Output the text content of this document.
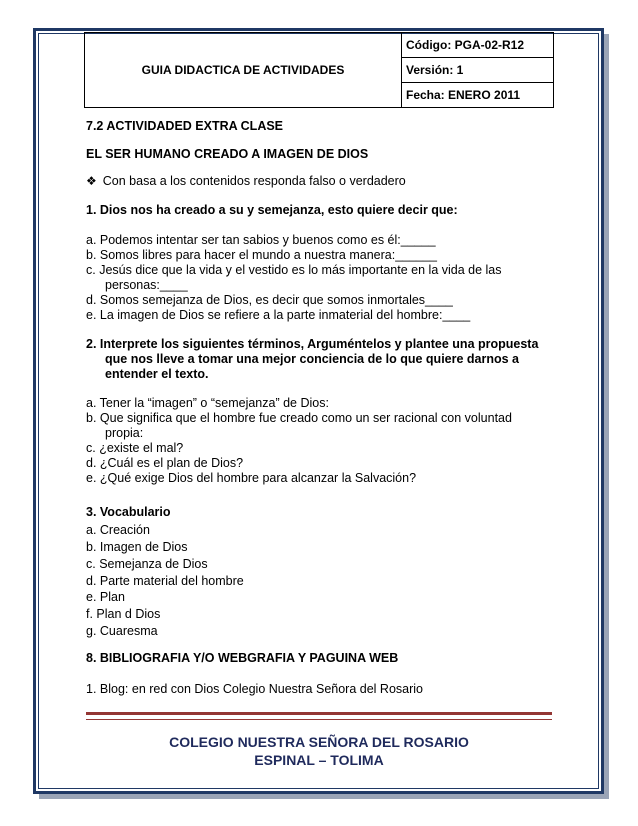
GUIA DIDACTICA DE ACTIVIDADES	Código: PGA-02-R12
Versión: 1
Fecha: ENERO 2011
7.2 ACTIVIDADED EXTRA CLASE
EL SER HUMANO CREADO A IMAGEN DE DIOS
❖ Con basa a los contenidos responda falso o verdadero
1. Dios nos ha creado a su y semejanza, esto quiere decir que:
a. Podemos intentar ser tan sabios y buenos como es él:_____
b. Somos libres para hacer el mundo a nuestra manera:______
c. Jesús dice que la vida y el vestido es lo más importante en la vida de las
personas:____
d. Somos semejanza de Dios, es decir que somos inmortales____
e. La imagen de Dios se refiere a la parte inmaterial del hombre:____
2. Interprete los siguientes términos, Arguméntelos y plantee una propuesta
que nos lleve a tomar una mejor conciencia de lo que quiere darnos a
entender el texto.
a. Tener la “imagen” o “semejanza” de Dios:
b. Que significa que el hombre fue creado como un ser racional con voluntad
propia:
c. ¿existe el mal?
d. ¿Cuál es el plan de Dios?
e. ¿Qué exige Dios del hombre para alcanzar la Salvación?
3. Vocabulario
a. Creación
b. Imagen de Dios
c. Semejanza de Dios
d. Parte material del hombre
e. Plan
f. Plan d Dios
g. Cuaresma
8. BIBLIOGRAFIA Y/O WEBGRAFIA Y PAGUINA WEB
1. Blog: en red con Dios Colegio Nuestra Señora del Rosario
COLEGIO NUESTRA SEÑORA DEL ROSARIO
ESPINAL – TOLIMA
